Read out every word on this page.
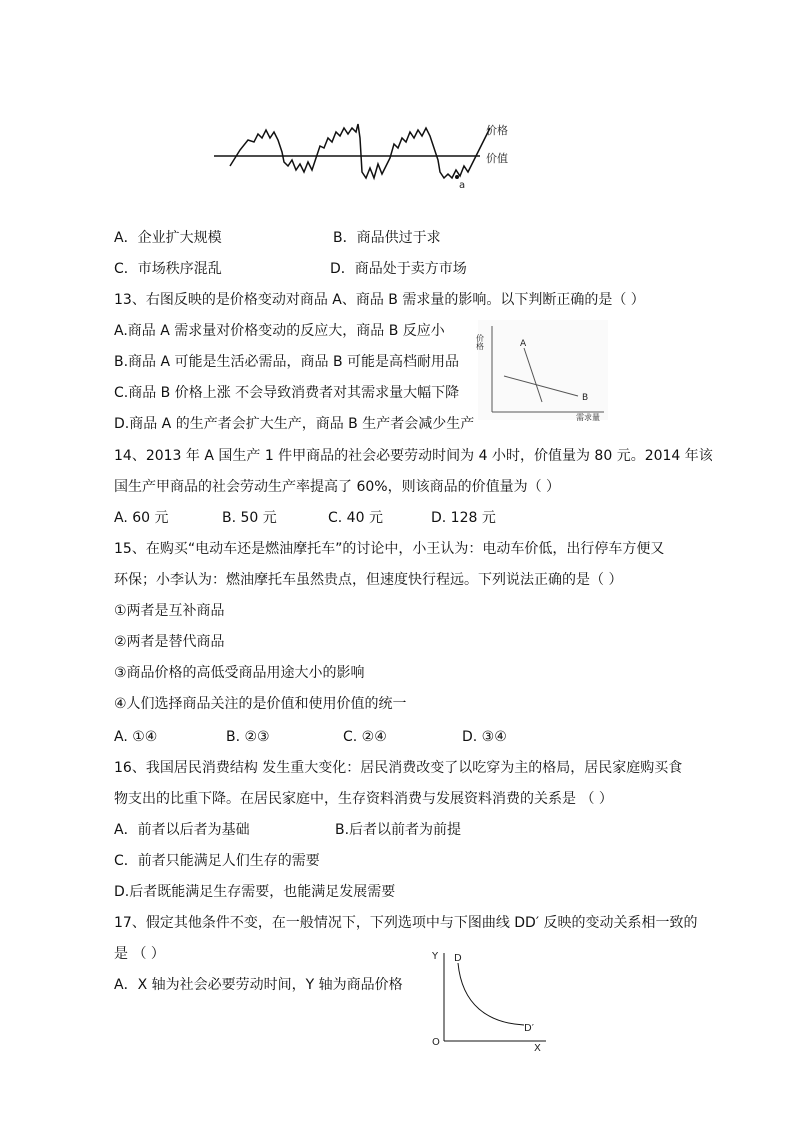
价格
价值
a
A．企业扩大规模	B．商品供过于求
C．市场秩序混乱	D．商品处于卖方市场
13、右图反映的是价格变动对商品 A、商品 B 需求量的影响。以下判断正确的是（ ）
A.商品 A 需求量对价格变动的反应大，商品 B 反应小
B.商品 A 可能是生活必需品，商品 B 可能是高档耐用品
C.商品 B 价格上涨 不会导致消费者对其需求量大幅下降
D.商品 A 的生产者会扩大生产，商品 B 生产者会减少生产
价格
需求量
A
B
14、2013 年 A 国生产 1 件甲商品的社会必要劳动时间为 4 小时，价值量为 80 元。2014 年该
国生产甲商品的社会劳动生产率提高了 60%，则该商品的价值量为（ ）
A. 60 元	B. 50 元	C. 40 元	D. 128 元
15、在购买“电动车还是燃油摩托车”的讨论中，小王认为：电动车价低，出行停车方便又
环保；小李认为：燃油摩托车虽然贵点，但速度快行程远。下列说法正确的是（ ）
①两者是互补商品
②两者是替代商品
③商品价格的高低受商品用途大小的影响
④人们选择商品关注的是价值和使用价值的统一
A. ①④	B. ②③	C. ②④	D. ③④
16、我国居民消费结构 发生重大变化：居民消费改变了以吃穿为主的格局，居民家庭购买食
物支出的比重下降。在居民家庭中，生存资料消费与发展资料消费的关系是 （ ）
A．前者以后者为基础	B.后者以前者为前提
C．前者只能满足人们生存的需要
D.后者既能满足生存需要，也能满足发展需要
17、假定其他条件不变，在一般情况下，下列选项中与下图曲线 DD′ 反映的变动关系相一致的
是 （ ）
A．X 轴为社会必要劳动时间，Y 轴为商品价格
Y
X
O
D
D′
